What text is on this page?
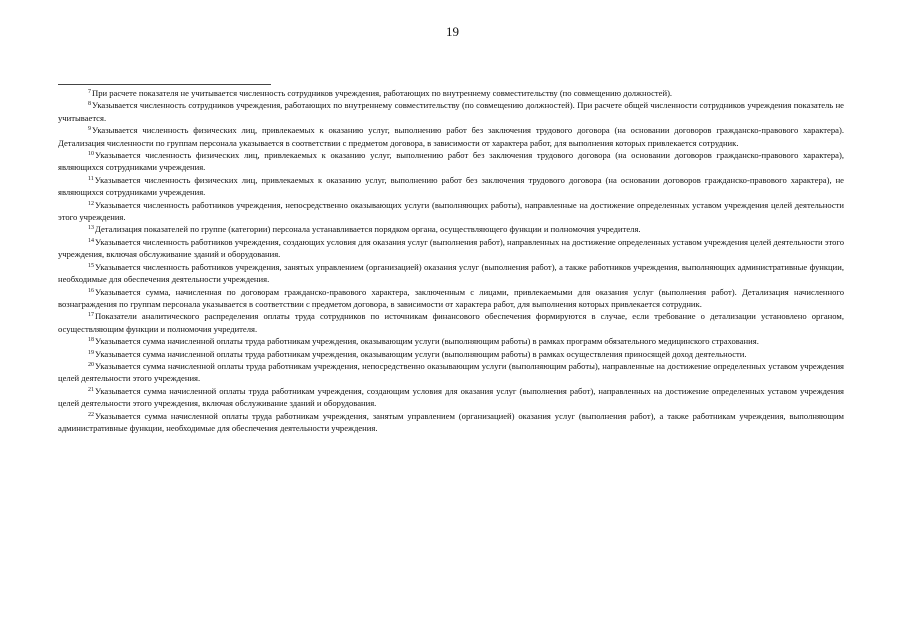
19

$^7$При расчете показателя не учитывается численность сотрудников учреждения, работающих по внутреннему совместительству (по совмещению должностей).

$^8$Указывается численность сотрудников учреждения, работающих по внутреннему совместительству (по совмещению должностей). При расчете общей численности сотрудников учреждения показатель не учитывается.

$^9$Указывается численность физических лиц, привлекаемых к оказанию услуг, выполнению работ без заключения трудового договора (на основании договоров гражданско-правового характера). Детализация численности по группам персонала указывается в соответствии с предметом договора, в зависимости от характера работ, для выполнения которых привлекается сотрудник.

$^{10}$Указывается численность физических лиц, привлекаемых к оказанию услуг, выполнению работ без заключения трудового договора (на основании договоров гражданско-правового характера), являющихся сотрудниками учреждения.

$^{11}$Указывается численность физических лиц, привлекаемых к оказанию услуг, выполнению работ без заключения трудового договора (на основании договоров гражданско-правового характера), не являющихся сотрудниками учреждения.

$^{12}$Указывается численность работников учреждения, непосредственно оказывающих услуги (выполняющих работы), направленные на достижение определенных уставом учреждения целей деятельности этого учреждения.

$^{13}$Детализация показателей по группе (категории) персонала устанавливается порядком органа, осуществляющего функции и полномочия учредителя.

$^{14}$Указывается численность работников учреждения, создающих условия для оказания услуг (выполнения работ), направленных на достижение определенных уставом учреждения целей деятельности этого учреждения, включая обслуживание зданий и оборудования.

$^{15}$Указывается численность работников учреждения, занятых управлением (организацией) оказания услуг (выполнения работ), а также работников учреждения, выполняющих административные функции, необходимые для обеспечения деятельности учреждения.

$^{16}$Указывается сумма, начисленная по договорам гражданско-правового характера, заключенным с лицами, привлекаемыми для оказания услуг (выполнения работ). Детализация начисленного вознаграждения по группам персонала указывается в соответствии с предметом договора, в зависимости от характера работ, для выполнения которых привлекается сотрудник.

$^{17}$Показатели аналитического распределения оплаты труда сотрудников по источникам финансового обеспечения формируются в случае, если требование о детализации установлено органом, осуществляющим функции и полномочия учредителя.

$^{18}$Указывается сумма начисленной оплаты труда работникам учреждения, оказывающим услуги (выполняющим работы) в рамках программ обязательного медицинского страхования.

$^{19}$Указывается сумма начисленной оплаты труда работникам учреждения, оказывающим услуги (выполняющим работы) в рамках осуществления приносящей доход деятельности.

$^{20}$Указывается сумма начисленной оплаты труда работникам учреждения, непосредственно оказывающим услуги (выполняющим работы), направленные на достижение определенных уставом учреждения целей деятельности этого учреждения.

$^{21}$Указывается сумма начисленной оплаты труда работникам учреждения, создающим условия для оказания услуг (выполнения работ), направленных на достижение определенных уставом учреждения целей деятельности этого учреждения, включая обслуживание зданий и оборудования.

$^{22}$Указывается сумма начисленной оплаты труда работникам учреждения, занятым управлением (организацией) оказания услуг (выполнения работ), а также работникам учреждения, выполняющим административные функции, необходимые для обеспечения деятельности учреждения.
